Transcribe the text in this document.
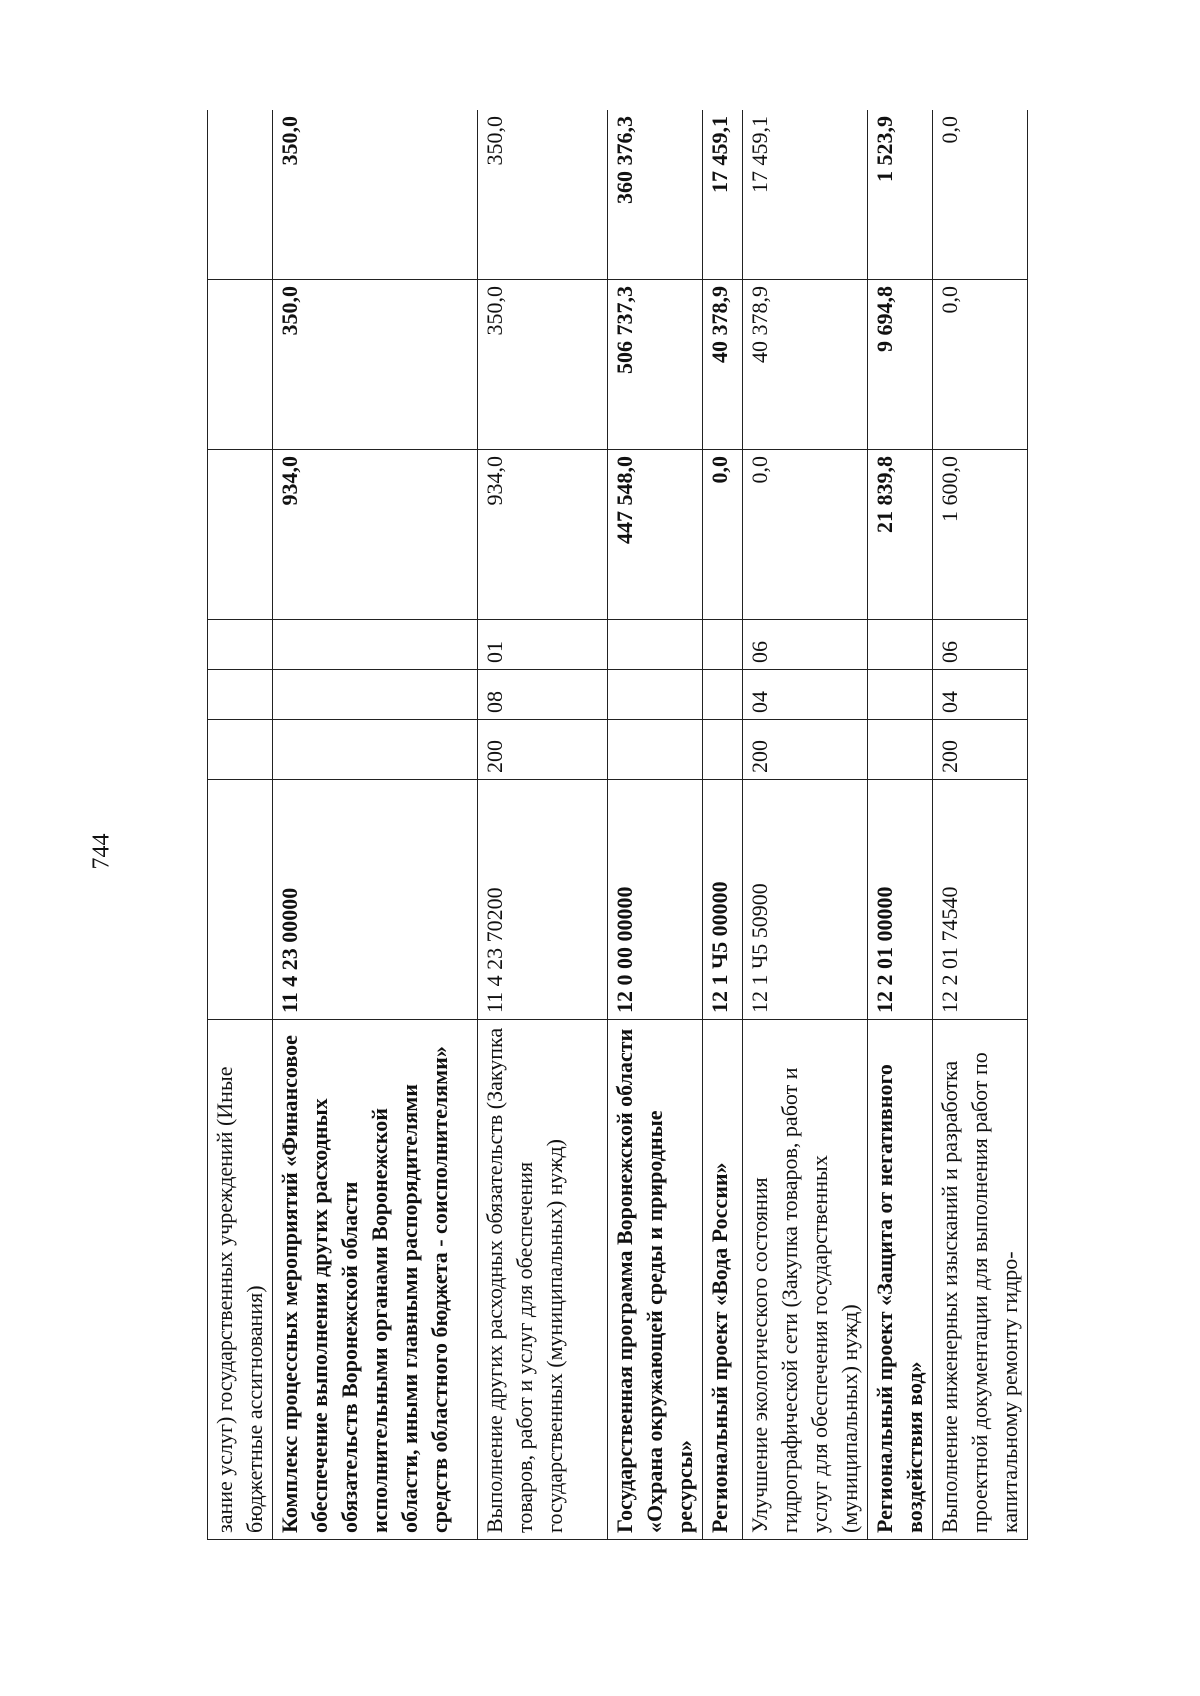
744
зание услуг) государственных учреждений (Иные бюджетные ассигнования)							
Комплекс процессных мероприятий «Финансовое обеспечение выполнения других расходных обязательств Воронежской области исполнительными органами Воронежской области, иными главными распорядителями средств областного бюджета - соисполнителями»	11 4 23 00000				934,0	350,0	350,0
Выполнение других расходных обязательств (Закупка товаров, работ и услуг для обеспечения государственных (муниципальных) нужд)	11 4 23 70200	200	08	01	934,0	350,0	350,0
Государственная программа Воронежской области «Охрана окружающей среды и природные ресурсы»	12 0 00 00000				447 548,0	506 737,3	360 376,3
Региональный проект «Вода России»	12 1 Ч5 00000				0,0	40 378,9	17 459,1
Улучшение экологического состояния гидрографической сети (Закупка товаров, работ и услуг для обеспечения государственных (муниципальных) нужд)	12 1 Ч5 50900	200	04	06	0,0	40 378,9	17 459,1
Региональный проект «Защита от негативного воздействия вод»	12 2 01 00000				21 839,8	9 694,8	1 523,9
Выполнение инженерных изысканий и разработка проектной документации для выполнения работ по капитальному ремонту гидро-	12 2 01 74540	200	04	06	1 600,0	0,0	0,0
